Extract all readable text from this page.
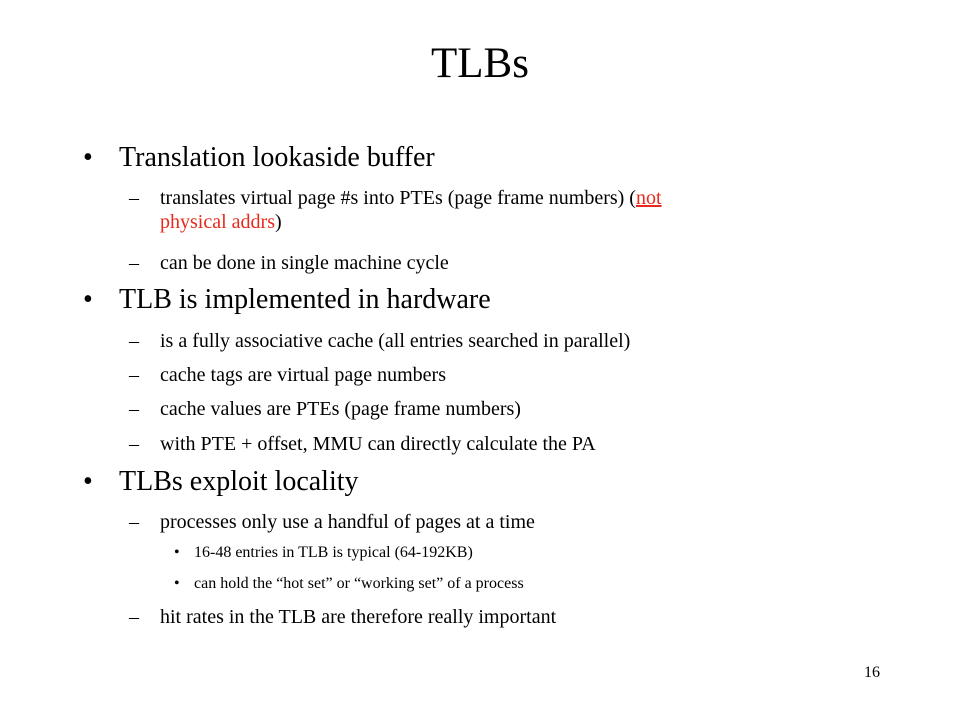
TLBs
• Translation lookaside buffer
– translates virtual page #s into PTEs (page frame numbers) (not
physical addrs)
– can be done in single machine cycle
• TLB is implemented in hardware
– is a fully associative cache (all entries searched in parallel)
– cache tags are virtual page numbers
– cache values are PTEs (page frame numbers)
– with PTE + offset, MMU can directly calculate the PA
• TLBs exploit locality
– processes only use a handful of pages at a time
• 16-48 entries in TLB is typical (64-192KB)
• can hold the “hot set” or “working set” of a process
– hit rates in the TLB are therefore really important
16
